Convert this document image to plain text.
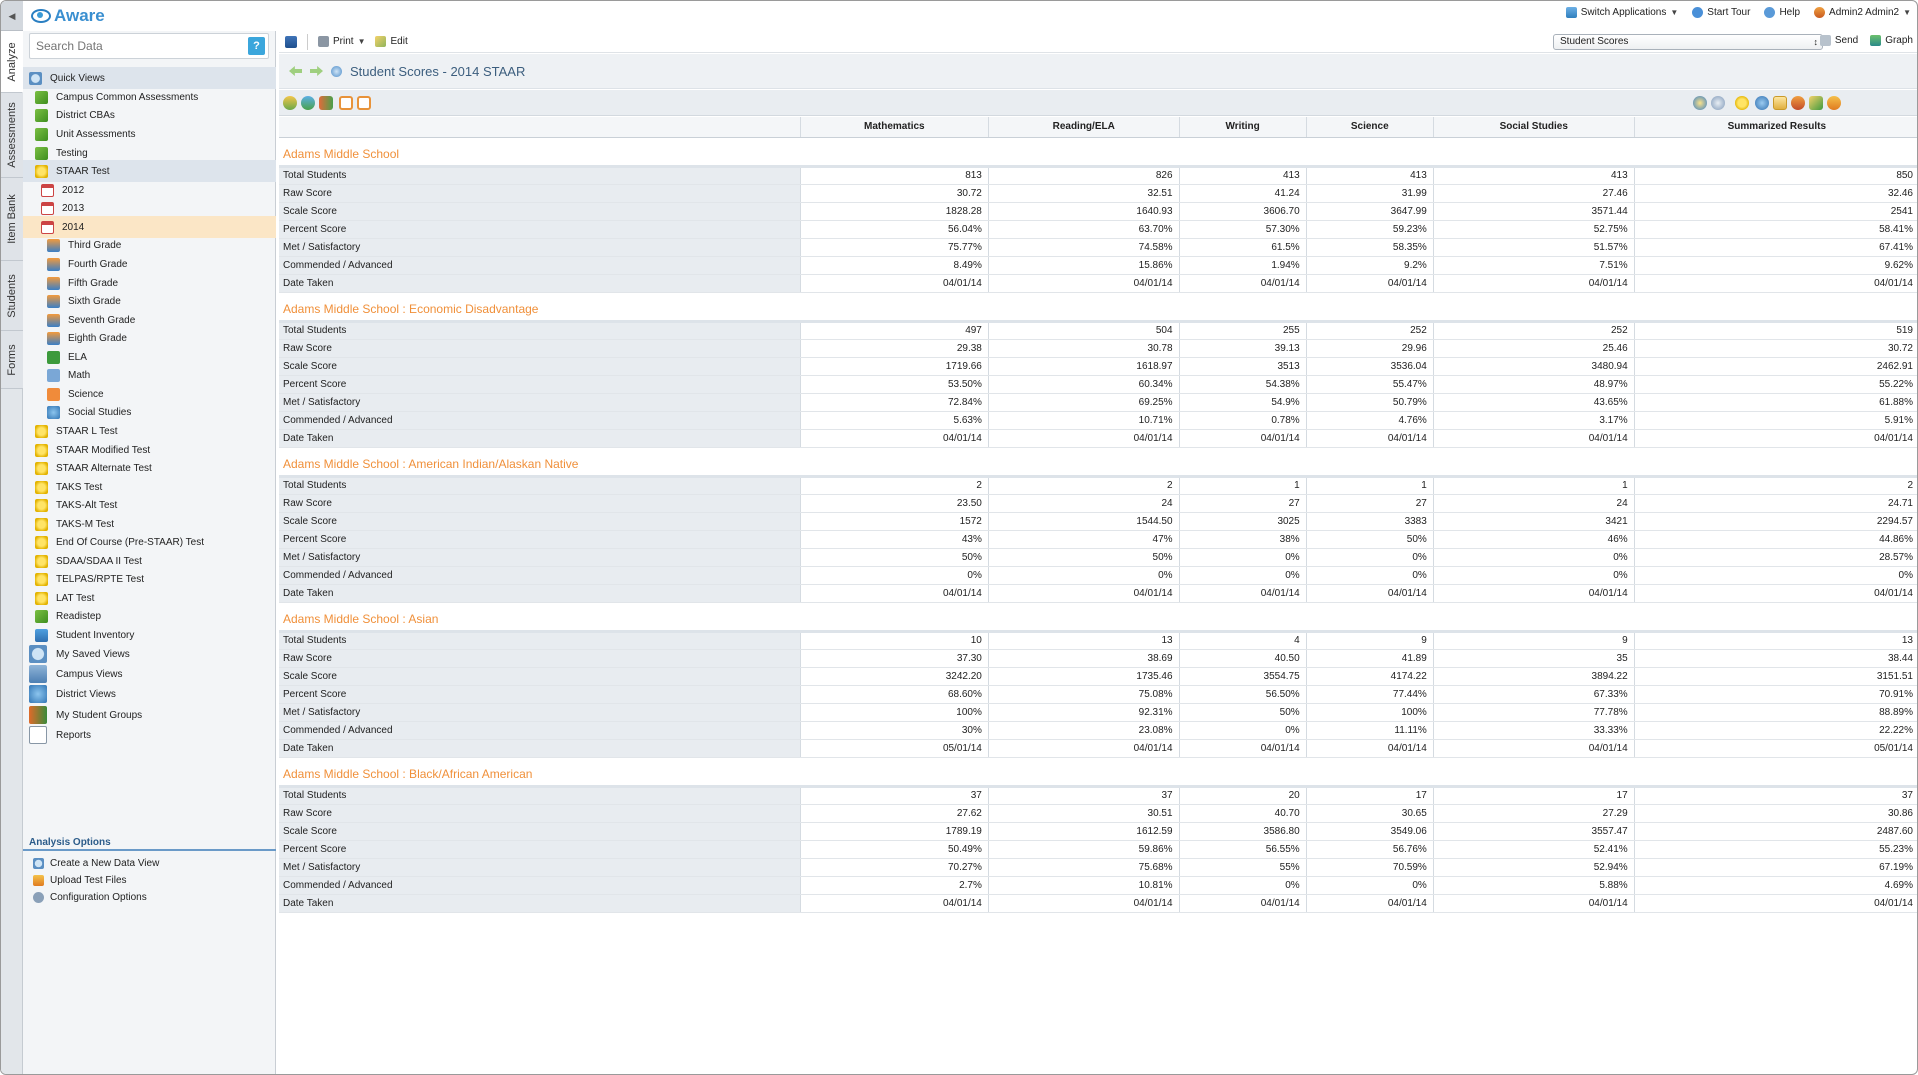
◀
Analyze
Assessments
Item Bank
Students
Forms
Aware	Switch Applications ▼	Start Tour	Help	Admin2 Admin2 ▼
Search Data
?
Quick Views
Campus Common Assessments
District CBAs
Unit Assessments
Testing
STAAR Test
2012
2013
2014
Third Grade
Fourth Grade
Fifth Grade
Sixth Grade
Seventh Grade
Eighth Grade
ELA
Math
Science
Social Studies
STAAR L Test
STAAR Modified Test
STAAR Alternate Test
TAKS Test
TAKS-Alt Test
TAKS-M Test
End Of Course (Pre-STAAR) Test
SDAA/SDAA II Test
TELPAS/RPTE Test
LAT Test
Readistep
Student Inventory
My Saved Views
Campus Views
District Views
My Student Groups
Reports
Analysis Options
Create a New Data View
Upload Test Files
Configuration Options
Print ▼	Edit	Student Scores	↕ Send	Graph
Student Scores - 2014 STAAR
	Mathematics	Reading/ELA	Writing	Science	Social Studies	Summarized Results
Adams Middle School						
Total Students	813	826	413	413	413	850
Raw Score	30.72	32.51	41.24	31.99	27.46	32.46
Scale Score	1828.28	1640.93	3606.70	3647.99	3571.44	2541
Percent Score	56.04%	63.70%	57.30%	59.23%	52.75%	58.41%
Met / Satisfactory	75.77%	74.58%	61.5%	58.35%	51.57%	67.41%
Commended / Advanced	8.49%	15.86%	1.94%	9.2%	7.51%	9.62%
Date Taken	04/01/14	04/01/14	04/01/14	04/01/14	04/01/14	04/01/14
Adams Middle School : Economic Disadvantage						
Total Students	497	504	255	252	252	519
Raw Score	29.38	30.78	39.13	29.96	25.46	30.72
Scale Score	1719.66	1618.97	3513	3536.04	3480.94	2462.91
Percent Score	53.50%	60.34%	54.38%	55.47%	48.97%	55.22%
Met / Satisfactory	72.84%	69.25%	54.9%	50.79%	43.65%	61.88%
Commended / Advanced	5.63%	10.71%	0.78%	4.76%	3.17%	5.91%
Date Taken	04/01/14	04/01/14	04/01/14	04/01/14	04/01/14	04/01/14
Adams Middle School : American Indian/Alaskan Native						
Total Students	2	2	1	1	1	2
Raw Score	23.50	24	27	27	24	24.71
Scale Score	1572	1544.50	3025	3383	3421	2294.57
Percent Score	43%	47%	38%	50%	46%	44.86%
Met / Satisfactory	50%	50%	0%	0%	0%	28.57%
Commended / Advanced	0%	0%	0%	0%	0%	0%
Date Taken	04/01/14	04/01/14	04/01/14	04/01/14	04/01/14	04/01/14
Adams Middle School : Asian						
Total Students	10	13	4	9	9	13
Raw Score	37.30	38.69	40.50	41.89	35	38.44
Scale Score	3242.20	1735.46	3554.75	4174.22	3894.22	3151.51
Percent Score	68.60%	75.08%	56.50%	77.44%	67.33%	70.91%
Met / Satisfactory	100%	92.31%	50%	100%	77.78%	88.89%
Commended / Advanced	30%	23.08%	0%	11.11%	33.33%	22.22%
Date Taken	05/01/14	04/01/14	04/01/14	04/01/14	04/01/14	05/01/14
Adams Middle School : Black/African American						
Total Students	37	37	20	17	17	37
Raw Score	27.62	30.51	40.70	30.65	27.29	30.86
Scale Score	1789.19	1612.59	3586.80	3549.06	3557.47	2487.60
Percent Score	50.49%	59.86%	56.55%	56.76%	52.41%	55.23%
Met / Satisfactory	70.27%	75.68%	55%	70.59%	52.94%	67.19%
Commended / Advanced	2.7%	10.81%	0%	0%	5.88%	4.69%
Date Taken	04/01/14	04/01/14	04/01/14	04/01/14	04/01/14	04/01/14
